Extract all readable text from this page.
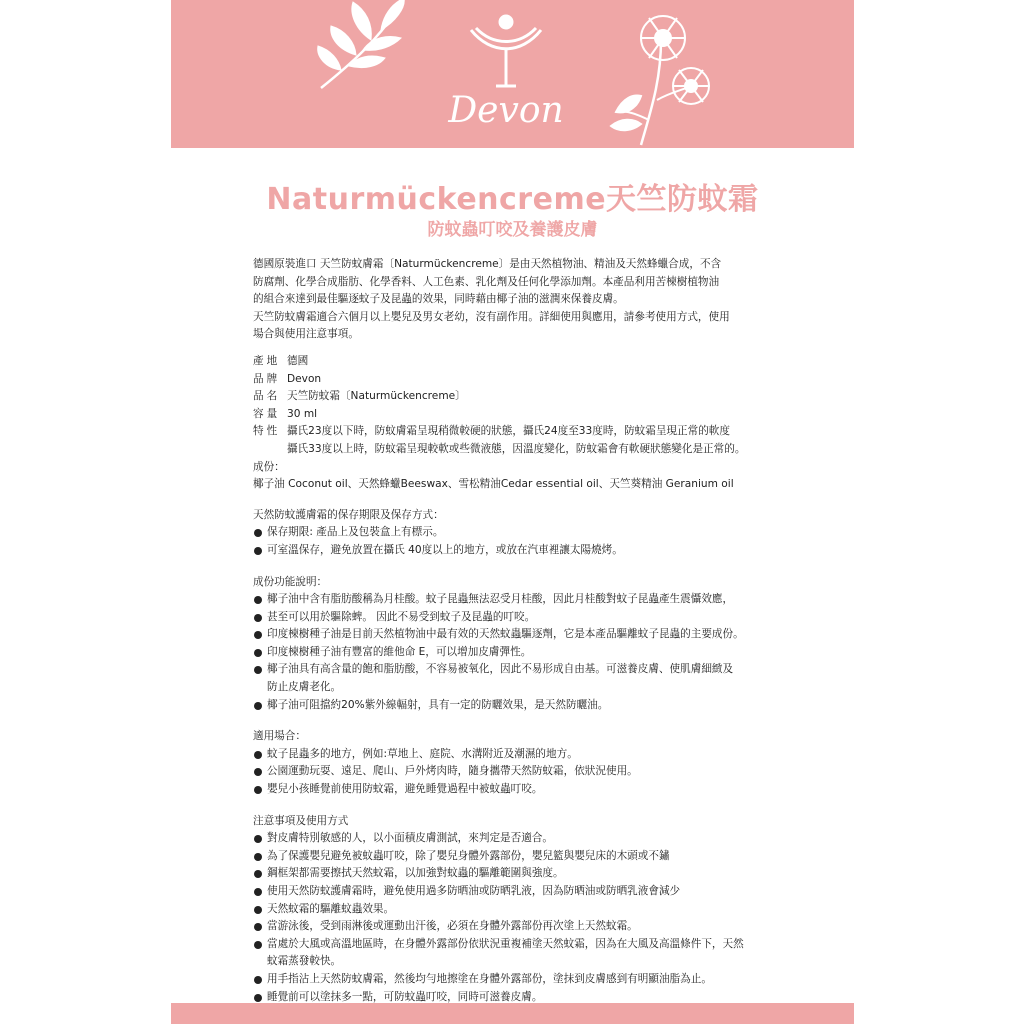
Devon
Naturmückencreme天竺防蚊霜
防蚊蟲叮咬及養護皮膚

德國原裝進口 天竺防蚊膚霜〔Naturmückencreme〕是由天然植物油、精油及天然蜂蠟合成，不含

防腐劑、化學合成脂肪、化學香料、人工色素、乳化劑及任何化學添加劑。本產品利用苦楝樹植物油

的組合來達到最佳驅逐蚊子及昆蟲的效果，同時藉由椰子油的滋潤來保養皮膚。

天竺防蚊膚霜適合六個月以上嬰兒及男女老幼，沒有副作用。詳細使用與應用，請參考使用方式，使用

場合與使用注意事項。

產地 德國
品牌 Devon
品名 天竺防蚊霜〔Naturmückencreme〕
容量 30 ml
特性 攝氏23度以下時，防蚊膚霜呈現稍微較硬的狀態，攝氏24度至33度時，防蚊霜呈現正常的軟度
攝氏33度以上時，防蚊霜呈現較軟或些微液態，因溫度變化，防蚊霜會有軟硬狀態變化是正常的。

成份：

椰子油 Coconut oil、天然蜂蠟Beeswax、雪松精油Cedar essential oil、天竺葵精油 Geranium oil

天然防蚊護膚霜的保存期限及保存方式：

保存期限: 產品上及包裝盒上有標示。
可室溫保存，避免放置在攝氏 40度以上的地方，或放在汽車裡讓太陽燒烤。

成份功能說明：

椰子油中含有脂肪酸稱為月桂酸。蚊子昆蟲無法忍受月桂酸，因此月桂酸對蚊子昆蟲產生震懾效應，
甚至可以用於驅除蜱。 因此不易受到蚊子及昆蟲的叮咬。
印度楝樹種子油是目前天然植物油中最有效的天然蚊蟲驅逐劑，它是本產品驅離蚊子昆蟲的主要成份。
印度楝樹種子油有豐富的維他命 E，可以增加皮膚彈性。
椰子油具有高含量的飽和脂肪酸，不容易被氧化，因此不易形成自由基。可滋養皮膚、使肌膚細緻及
防止皮膚老化。
椰子油可阻擋約20%紫外線輻射，具有一定的防曬效果，是天然防曬油。

適用場合：

蚊子昆蟲多的地方，例如:草地上、庭院、水溝附近及潮濕的地方。
公園運動玩耍、遠足、爬山、戶外烤肉時，隨身攜帶天然防蚊霜，依狀況使用。
嬰兒小孩睡覺前使用防蚊霜，避免睡覺過程中被蚊蟲叮咬。

注意事項及使用方式

對皮膚特別敏感的人，以小面積皮膚測試，來判定是否適合。
為了保護嬰兒避免被蚊蟲叮咬，除了嬰兒身體外露部份，嬰兒籃與嬰兒床的木頭或不鏽
鋼框架都需要擦拭天然蚊霜，以加強對蚊蟲的驅離範圍與強度。
使用天然防蚊護膚霜時，避免使用過多防晒油或防晒乳液，因為防晒油或防晒乳液會減少
天然蚊霜的驅離蚊蟲效果。
當游泳後，受到雨淋後或運動出汗後，必須在身體外露部份再次塗上天然蚊霜。
當處於大風或高溫地區時，在身體外露部份依狀況重複補塗天然蚊霜，因為在大風及高溫條件下，天然
蚊霜蒸發較快。
用手指沾上天然防蚊膚霜，然後均勻地擦塗在身體外露部份，塗抹到皮膚感到有明顯油脂為止。
睡覺前可以塗抹多一點，可防蚊蟲叮咬，同時可滋養皮膚。
